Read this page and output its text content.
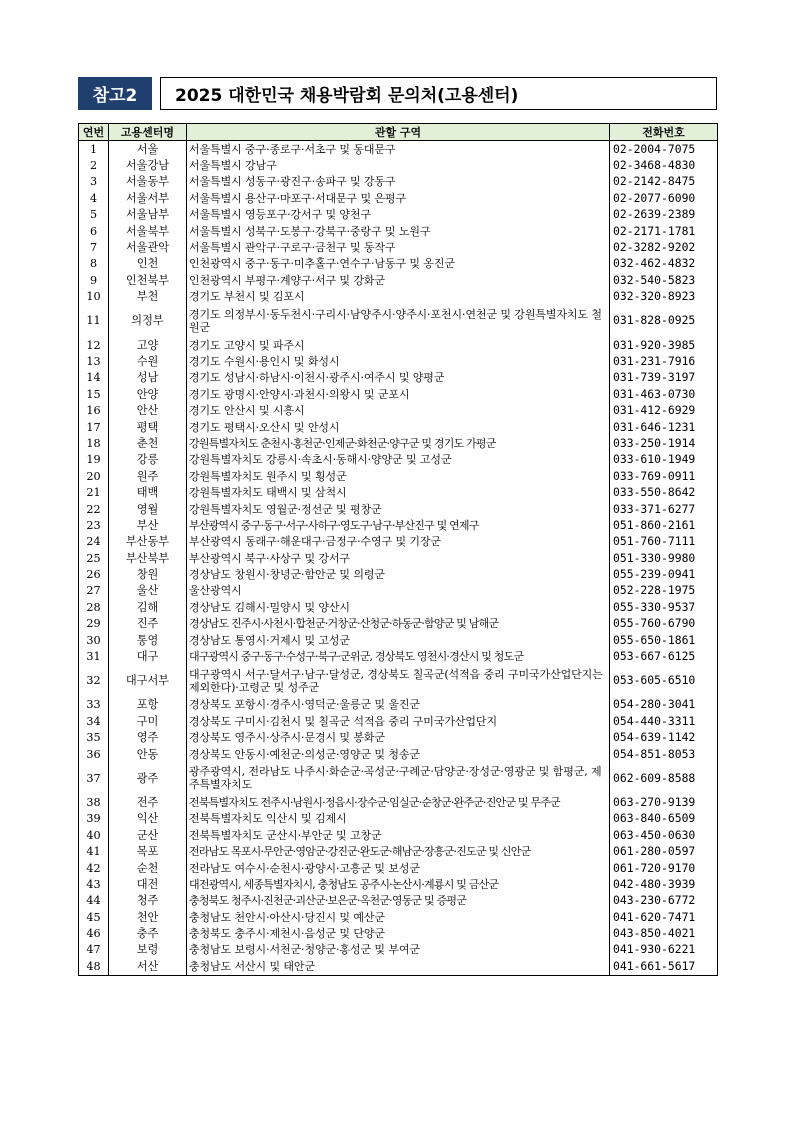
참고2	2025 대한민국 채용박람회 문의처(고용센터)
연번	고용센터명	관할 구역	전화번호
1	서울	서울특별시 중구·종로구·서초구 및 동대문구	02-2004-7075
2	서울강남	서울특별시 강남구	02-3468-4830
3	서울동부	서울특별시 성동구·광진구·송파구 및 강동구	02-2142-8475
4	서울서부	서울특별시 용산구·마포구·서대문구 및 은평구	02-2077-6090
5	서울남부	서울특별시 영등포구·강서구 및 양천구	02-2639-2389
6	서울북부	서울특별시 성북구·도봉구·강북구·중랑구 및 노원구	02-2171-1781
7	서울관악	서울특별시 관악구·구로구·금천구 및 동작구	02-3282-9202
8	인천	인천광역시 중구·동구·미추홀구·연수구·남동구 및 옹진군	032-462-4832
9	인천북부	인천광역시 부평구·계양구·서구 및 강화군	032-540-5823
10	부천	경기도 부천시 및 김포시	032-320-8923
11	의정부	경기도 의정부시·동두천시·구리시·남양주시·양주시·포천시·연천군 및 강원특별자치도 철원군	031-828-0925
12	고양	경기도 고양시 및 파주시	031-920-3985
13	수원	경기도 수원시·용인시 및 화성시	031-231-7916
14	성남	경기도 성남시·하남시·이천시·광주시·여주시 및 양평군	031-739-3197
15	안양	경기도 광명시·안양시·과천시·의왕시 및 군포시	031-463-0730
16	안산	경기도 안산시 및 시흥시	031-412-6929
17	평택	경기도 평택시·오산시 및 안성시	031-646-1231
18	춘천	강원특별자치도 춘천시·홍천군·인제군·화천군·양구군 및 경기도 가평군	033-250-1914
19	강릉	강원특별자치도 강릉시·속초시·동해시·양양군 및 고성군	033-610-1949
20	원주	강원특별자치도 원주시 및 횡성군	033-769-0911
21	태백	강원특별자치도 태백시 및 삼척시	033-550-8642
22	영월	강원특별자치도 영월군·정선군 및 평창군	033-371-6277
23	부산	부산광역시 중구·동구·서구·사하구·영도구·남구·부산진구 및 연제구	051-860-2161
24	부산동부	부산광역시 동래구·해운대구·금정구·수영구 및 기장군	051-760-7111
25	부산북부	부산광역시 북구·사상구 및 강서구	051-330-9980
26	창원	경상남도 창원시·창녕군·함안군 및 의령군	055-239-0941
27	울산	울산광역시	052-228-1975
28	김해	경상남도 김해시·밀양시 및 양산시	055-330-9537
29	진주	경상남도 진주시·사천시·합천군·거창군·산청군·하동군·함양군 및 남해군	055-760-6790
30	통영	경상남도 통영시·거제시 및 고성군	055-650-1861
31	대구	대구광역시 중구·동구·수성구·북구·군위군, 경상북도 영천시·경산시 및 청도군	053-667-6125
32	대구서부	대구광역시 서구·달서구·남구·달성군, 경상북도 칠곡군(석적읍 중리 구미국가산업단지는 제외한다)·고령군 및 성주군	053-605-6510
33	포항	경상북도 포항시·경주시·영덕군·울릉군 및 울진군	054-280-3041
34	구미	경상북도 구미시·김천시 및 칠곡군 석적읍 중리 구미국가산업단지	054-440-3311
35	영주	경상북도 영주시·상주시·문경시 및 봉화군	054-639-1142
36	안동	경상북도 안동시·예천군·의성군·영양군 및 청송군	054-851-8053
37	광주	광주광역시, 전라남도 나주시·화순군·곡성군·구례군·담양군·장성군·영광군 및 함평군, 제주특별자치도	062-609-8588
38	전주	전북특별자치도 전주시·남원시·정읍시·장수군·임실군·순창군·완주군·진안군 및 무주군	063-270-9139
39	익산	전북특별자치도 익산시 및 김제시	063-840-6509
40	군산	전북특별자치도 군산시·부안군 및 고창군	063-450-0630
41	목포	전라남도 목포시·무안군·영암군·강진군·완도군·해남군·장흥군·진도군 및 신안군	061-280-0597
42	순천	전라남도 여수시·순천시·광양시·고흥군 및 보성군	061-720-9170
43	대전	대전광역시, 세종특별자치시, 충청남도 공주시·논산시·계룡시 및 금산군	042-480-3939
44	청주	충청북도 청주시·진천군·괴산군·보은군·옥천군·영동군 및 증평군	043-230-6772
45	천안	충청남도 천안시·아산시·당진시 및 예산군	041-620-7471
46	충주	충청북도 충주시·제천시·음성군 및 단양군	043-850-4021
47	보령	충청남도 보령시·서천군·청양군·홍성군 및 부여군	041-930-6221
48	서산	충청남도 서산시 및 태안군	041-661-5617
